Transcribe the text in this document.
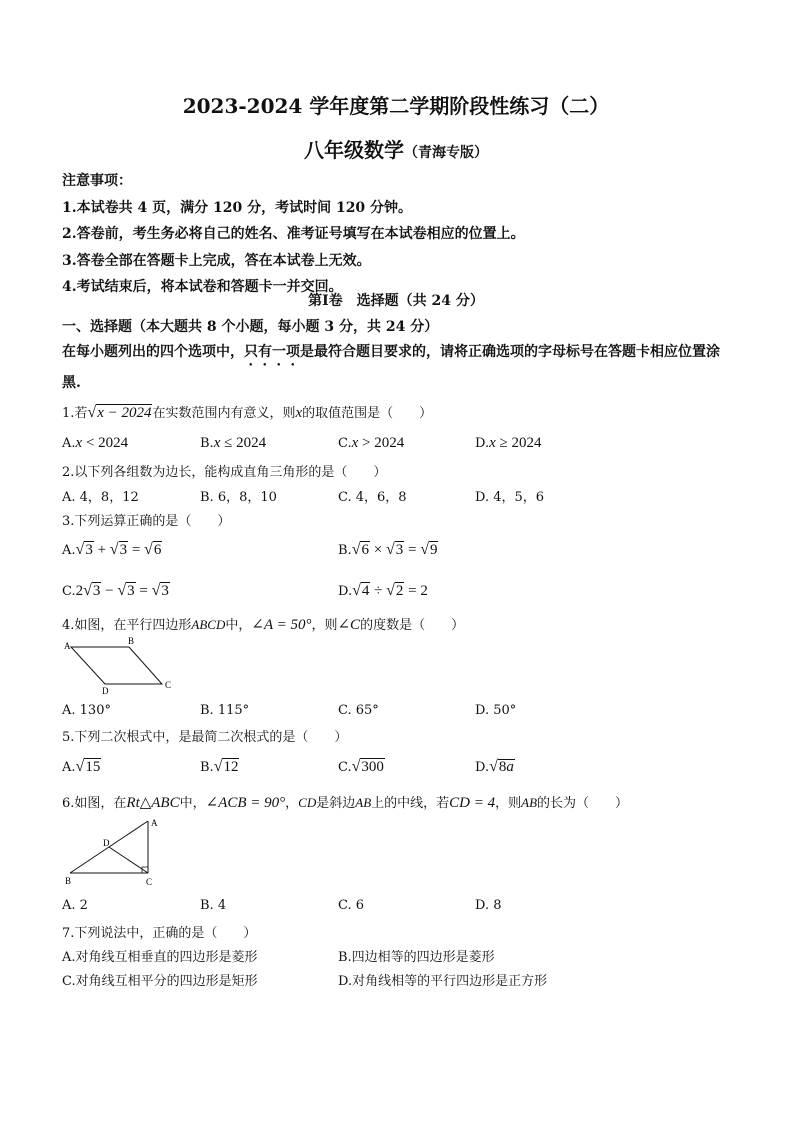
2023-2024 学年度第二学期阶段性练习（二）
八年级数学（青海专版）
注意事项：
1.本试卷共 4 页，满分 120 分，考试时间 120 分钟。
2.答卷前，考生务必将自己的姓名、准考证号填写在本试卷相应的位置上。
3.答卷全部在答题卡上完成，答在本试卷上无效。
4.考试结束后，将本试卷和答题卡一并交回。
第Ⅰ卷　选择题（共 24 分）
一、选择题（本大题共 8 个小题，每小题 3 分，共 24 分）
在每小题列出的四个选项中，只有一项是最符合题目要求的，请将正确选项的字母标号在答题卡相应位置涂黑.
1.若√x − 2024在实数范围内有意义，则x的取值范围是（　　）
A.x < 2024	B.x ≤ 2024	C.x > 2024	D.x ≥ 2024
2.以下列各组数为边长，能构成直角三角形的是（　　）
A. 4，8，12	B. 6，8，10	C. 4，6，8	D. 4，5，6
3.下列运算正确的是（　　）
A.√3 + √3 = √6	B.√6 × √3 = √9
C.2√3 − √3 = √3	D.√4 ÷ √2 = 2
4.如图，在平行四边形ABCD中，∠A = 50°，则∠C的度数是（　　）
A	B
C
D
A. 130°	B. 115°	C. 65°	D. 50°
5.下列二次根式中，是最简二次根式的是（　　）
A.√15	B.√12	C.√300	D.√8a
6.如图，在Rt△ABC中，∠ACB = 90°，CD是斜边AB上的中线，若CD = 4，则AB的长为（　　）
A
B	C
D
A. 2	B. 4	C. 6	D. 8
7.下列说法中，正确的是（　　）
A.对角线互相垂直的四边形是菱形	B.四边相等的四边形是菱形
C.对角线互相平分的四边形是矩形	D.对角线相等的平行四边形是正方形
